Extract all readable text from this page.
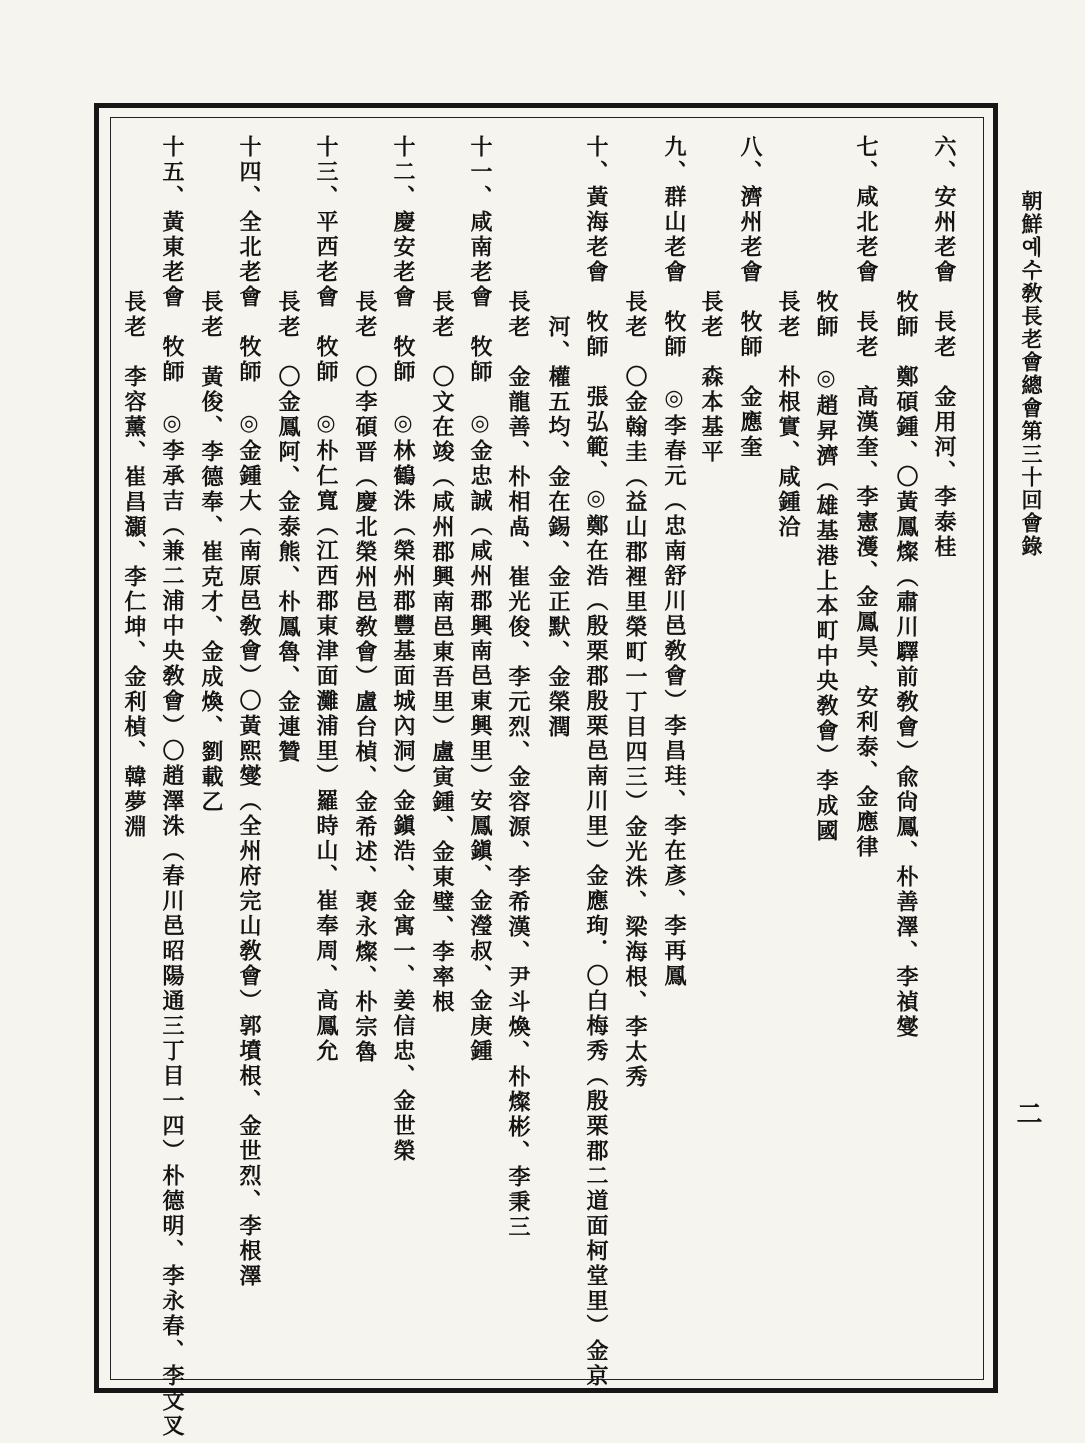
朝鮮예수敎長老會總會第三十回會錄
二
六、安州老會　長老　金用河、李泰桂
牧師　鄭碩鍾、〇黃鳳燦（肅川驛前敎會）兪尙鳳、朴善澤、李禎燮
七、咸北老會　長老　高漢奎、李憲濩、金鳳昊、安利泰、金應律
牧師　◎趙昇濟（雄基港上本町中央敎會）李成國
長老　朴根實、咸鍾洽
八、濟州老會　牧師　金應奎
長老　森本基平
九、群山老會　牧師　◎李春元（忠南舒川邑敎會）李昌珪、李在彥、李再鳳
長老　〇金翰圭（益山郡裡里榮町一丁目四三）金光洙、梁海根、李太秀
十、黃海老會　牧師　張弘範、◎鄭在浩（殷栗郡殷栗邑南川里）金應珣．〇白梅秀（殷栗郡二道面柯堂里）金京
　河、權五均、金在錫、金正默、金榮潤
長老　金龍善、朴相卨、崔光俊、李元烈、金容源、李希漢、尹斗煥、朴燦彬、李秉三
十一、咸南老會　牧師　◎金忠誠（咸州郡興南邑東興里）安鳳鎭、金瀅叔、金庚鍾
長老　〇文在竣（咸州郡興南邑東吾里）盧寅鍾、金東璧、李率根
十二、慶安老會　牧師　◎林鶴洙（榮州郡豐基面城內洞）金鎭浩、金寓一、姜信忠、金世榮
長老　〇李碩晋（慶北榮州邑敎會）盧台楨、金希述、裵永燦、朴宗魯
十三、平西老會　牧師　◎朴仁寬（江西郡東津面灘浦里）羅時山、崔奉周、高鳳允
長老　〇金鳳阿、金泰熊、朴鳳魯、金連贊
十四、全北老會　牧師　◎金鍾大（南原邑敎會）〇黃熙燮（全州府完山敎會）郭墳根、金世烈、李根澤
長老　黃俊、李德奉、崔克才、金成煥、劉載乙
十五、黃東老會　牧師　◎李承吉（兼二浦中央敎會）〇趙澤洙（春川邑昭陽通三丁目一四）朴德明、李永春、李文叉
長老　李容薰、崔昌灝、李仁坤、金利楨、韓夢淵
